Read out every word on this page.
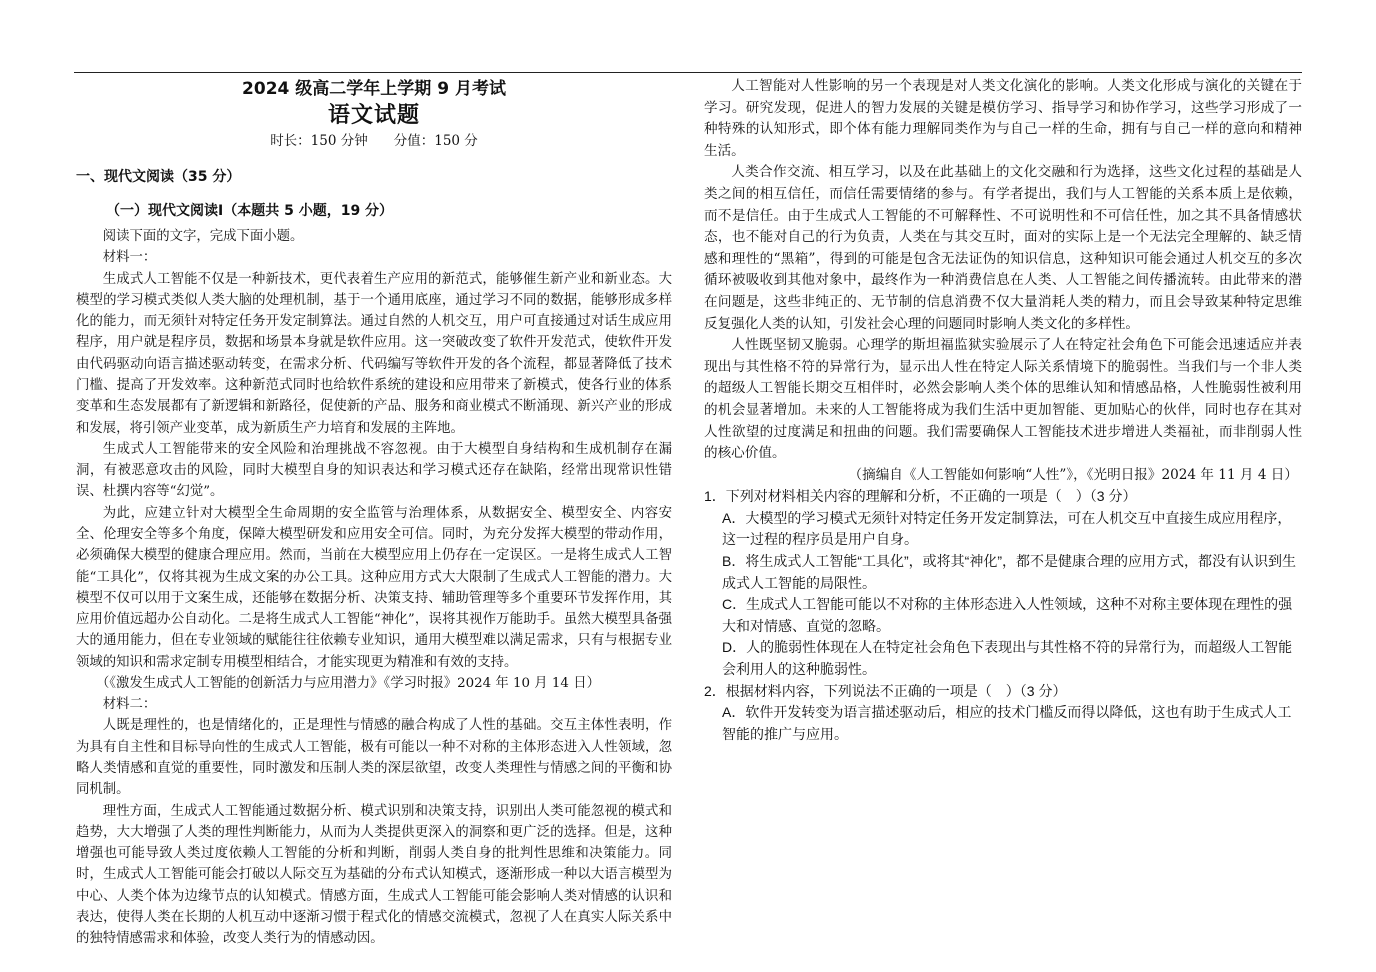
2024 级高二学年上学期 9 月考试

语文试题

时长：150 分钟 分值：150 分

一、现代文阅读（35 分）

（一）现代文阅读Ⅰ（本题共 5 小题，19 分）

阅读下面的文字，完成下面小题。

材料一：

生成式人工智能不仅是一种新技术，更代表着生产应用的新范式，能够催生新产业和新业态。大模型的学习模式类似人类大脑的处理机制，基于一个通用底座，通过学习不同的数据，能够形成多样化的能力，而无须针对特定任务开发定制算法。通过自然的人机交互，用户可直接通过对话生成应用程序，用户就是程序员，数据和场景本身就是软件应用。这一突破改变了软件开发范式，使软件开发由代码驱动向语言描述驱动转变，在需求分析、代码编写等软件开发的各个流程，都显著降低了技术门槛、提高了开发效率。这种新范式同时也给软件系统的建设和应用带来了新模式，使各行业的体系变革和生态发展都有了新逻辑和新路径，促使新的产品、服务和商业模式不断涌现、新兴产业的形成和发展，将引领产业变革，成为新质生产力培育和发展的主阵地。

生成式人工智能带来的安全风险和治理挑战不容忽视。由于大模型自身结构和生成机制存在漏洞，有被恶意攻击的风险，同时大模型自身的知识表达和学习模式还存在缺陷，经常出现常识性错误、杜撰内容等“幻觉”。

为此，应建立针对大模型全生命周期的安全监管与治理体系，从数据安全、模型安全、内容安全、伦理安全等多个角度，保障大模型研发和应用安全可信。同时，为充分发挥大模型的带动作用，必须确保大模型的健康合理应用。然而，当前在大模型应用上仍存在一定误区。一是将生成式人工智能“工具化”，仅将其视为生成文案的办公工具。这种应用方式大大限制了生成式人工智能的潜力。大模型不仅可以用于文案生成，还能够在数据分析、决策支持、辅助管理等多个重要环节发挥作用，其应用价值远超办公自动化。二是将生成式人工智能“神化”，误将其视作万能助手。虽然大模型具备强大的通用能力，但在专业领域的赋能往往依赖专业知识，通用大模型难以满足需求，只有与根据专业领域的知识和需求定制专用模型相结合，才能实现更为精准和有效的支持。

（《激发生成式人工智能的创新活力与应用潜力》《学习时报》2024 年 10 月 14 日）

材料二：

人既是理性的，也是情绪化的，正是理性与情感的融合构成了人性的基础。交互主体性表明，作为具有自主性和目标导向性的生成式人工智能，极有可能以一种不对称的主体形态进入人性领域，忽略人类情感和直觉的重要性，同时激发和压制人类的深层欲望，改变人类理性与情感之间的平衡和协同机制。

理性方面，生成式人工智能通过数据分析、模式识别和决策支持，识别出人类可能忽视的模式和趋势，大大增强了人类的理性判断能力，从而为人类提供更深入的洞察和更广泛的选择。但是，这种增强也可能导致人类过度依赖人工智能的分析和判断，削弱人类自身的批判性思维和决策能力。同时，生成式人工智能可能会打破以人际交互为基础的分布式认知模式，逐渐形成一种以大语言模型为中心、人类个体为边缘节点的认知模式。情感方面，生成式人工智能可能会影响人类对情感的认识和表达，使得人类在长期的人机互动中逐渐习惯于程式化的情感交流模式，忽视了人在真实人际关系中的独特情感需求和体验，改变人类行为的情感动因。

人工智能对人性影响的另一个表现是对人类文化演化的影响。人类文化形成与演化的关键在于学习。研究发现，促进人的智力发展的关键是模仿学习、指导学习和协作学习，这些学习形成了一种特殊的认知形式，即个体有能力理解同类作为与自己一样的生命，拥有与自己一样的意向和精神生活。

人类合作交流、相互学习，以及在此基础上的文化交融和行为选择，这些文化过程的基础是人类之间的相互信任，而信任需要情绪的参与。有学者提出，我们与人工智能的关系本质上是依赖，而不是信任。由于生成式人工智能的不可解释性、不可说明性和不可信任性，加之其不具备情感状态，也不能对自己的行为负责，人类在与其交互时，面对的实际上是一个无法完全理解的、缺乏情感和理性的“黑箱”，得到的可能是包含无法证伪的知识信息，这种知识可能会通过人机交互的多次循环被吸收到其他对象中，最终作为一种消费信息在人类、人工智能之间传播流转。由此带来的潜在问题是，这些非纯正的、无节制的信息消费不仅大量消耗人类的精力，而且会导致某种特定思维反复强化人类的认知，引发社会心理的问题同时影响人类文化的多样性。

人性既坚韧又脆弱。心理学的斯坦福监狱实验展示了人在特定社会角色下可能会迅速适应并表现出与其性格不符的异常行为，显示出人性在特定人际关系情境下的脆弱性。当我们与一个非人类的超级人工智能长期交互相伴时，必然会影响人类个体的思维认知和情感品格，人性脆弱性被利用的机会显著增加。未来的人工智能将成为我们生活中更加智能、更加贴心的伙伴，同时也存在其对人性欲望的过度满足和扭曲的问题。我们需要确保人工智能技术进步增进人类福祉，而非削弱人性的核心价值。

（摘编自《人工智能如何影响“人性”》，《光明日报》2024 年 11 月 4 日）

1．下列对材料相关内容的理解和分析，不正确的一项是（　）（3 分）

A．大模型的学习模式无须针对特定任务开发定制算法，可在人机交互中直接生成应用程序，这一过程的程序员是用户自身。

B．将生成式人工智能“工具化”，或将其“神化”，都不是健康合理的应用方式，都没有认识到生成式人工智能的局限性。

C．生成式人工智能可能以不对称的主体形态进入人性领域，这种不对称主要体现在理性的强大和对情感、直觉的忽略。

D．人的脆弱性体现在人在特定社会角色下表现出与其性格不符的异常行为，而超级人工智能会利用人的这种脆弱性。

2．根据材料内容，下列说法不正确的一项是（　）（3 分）

A．软件开发转变为语言描述驱动后，相应的技术门槛反而得以降低，这也有助于生成式人工智能的推广与应用。
